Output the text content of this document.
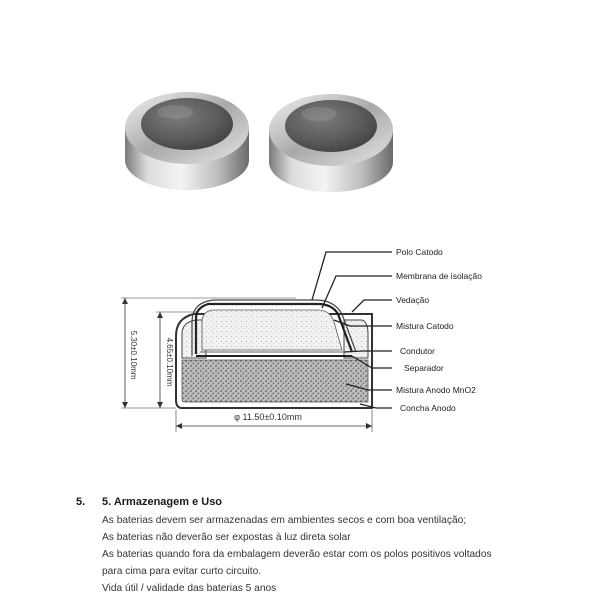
5.30±0.10mm	4.65±0.10mm
φ 11.50±0.10mm
Polo Catodo
Membrana de isolação
Vedação
Mistura Catodo
Condutor
Separador
Mistura Anodo MnO2
Concha Anodo
5.	5. Armazenagem e Uso
As baterias devem ser armazenadas em ambientes secos e com boa ventilação;
As baterias não deverão ser expostas à luz direta solar
As baterias quando fora da embalagem deverão estar com os polos positivos voltados
para cima para evitar curto circuito.
Vida útil / validade das baterias 5 anos
